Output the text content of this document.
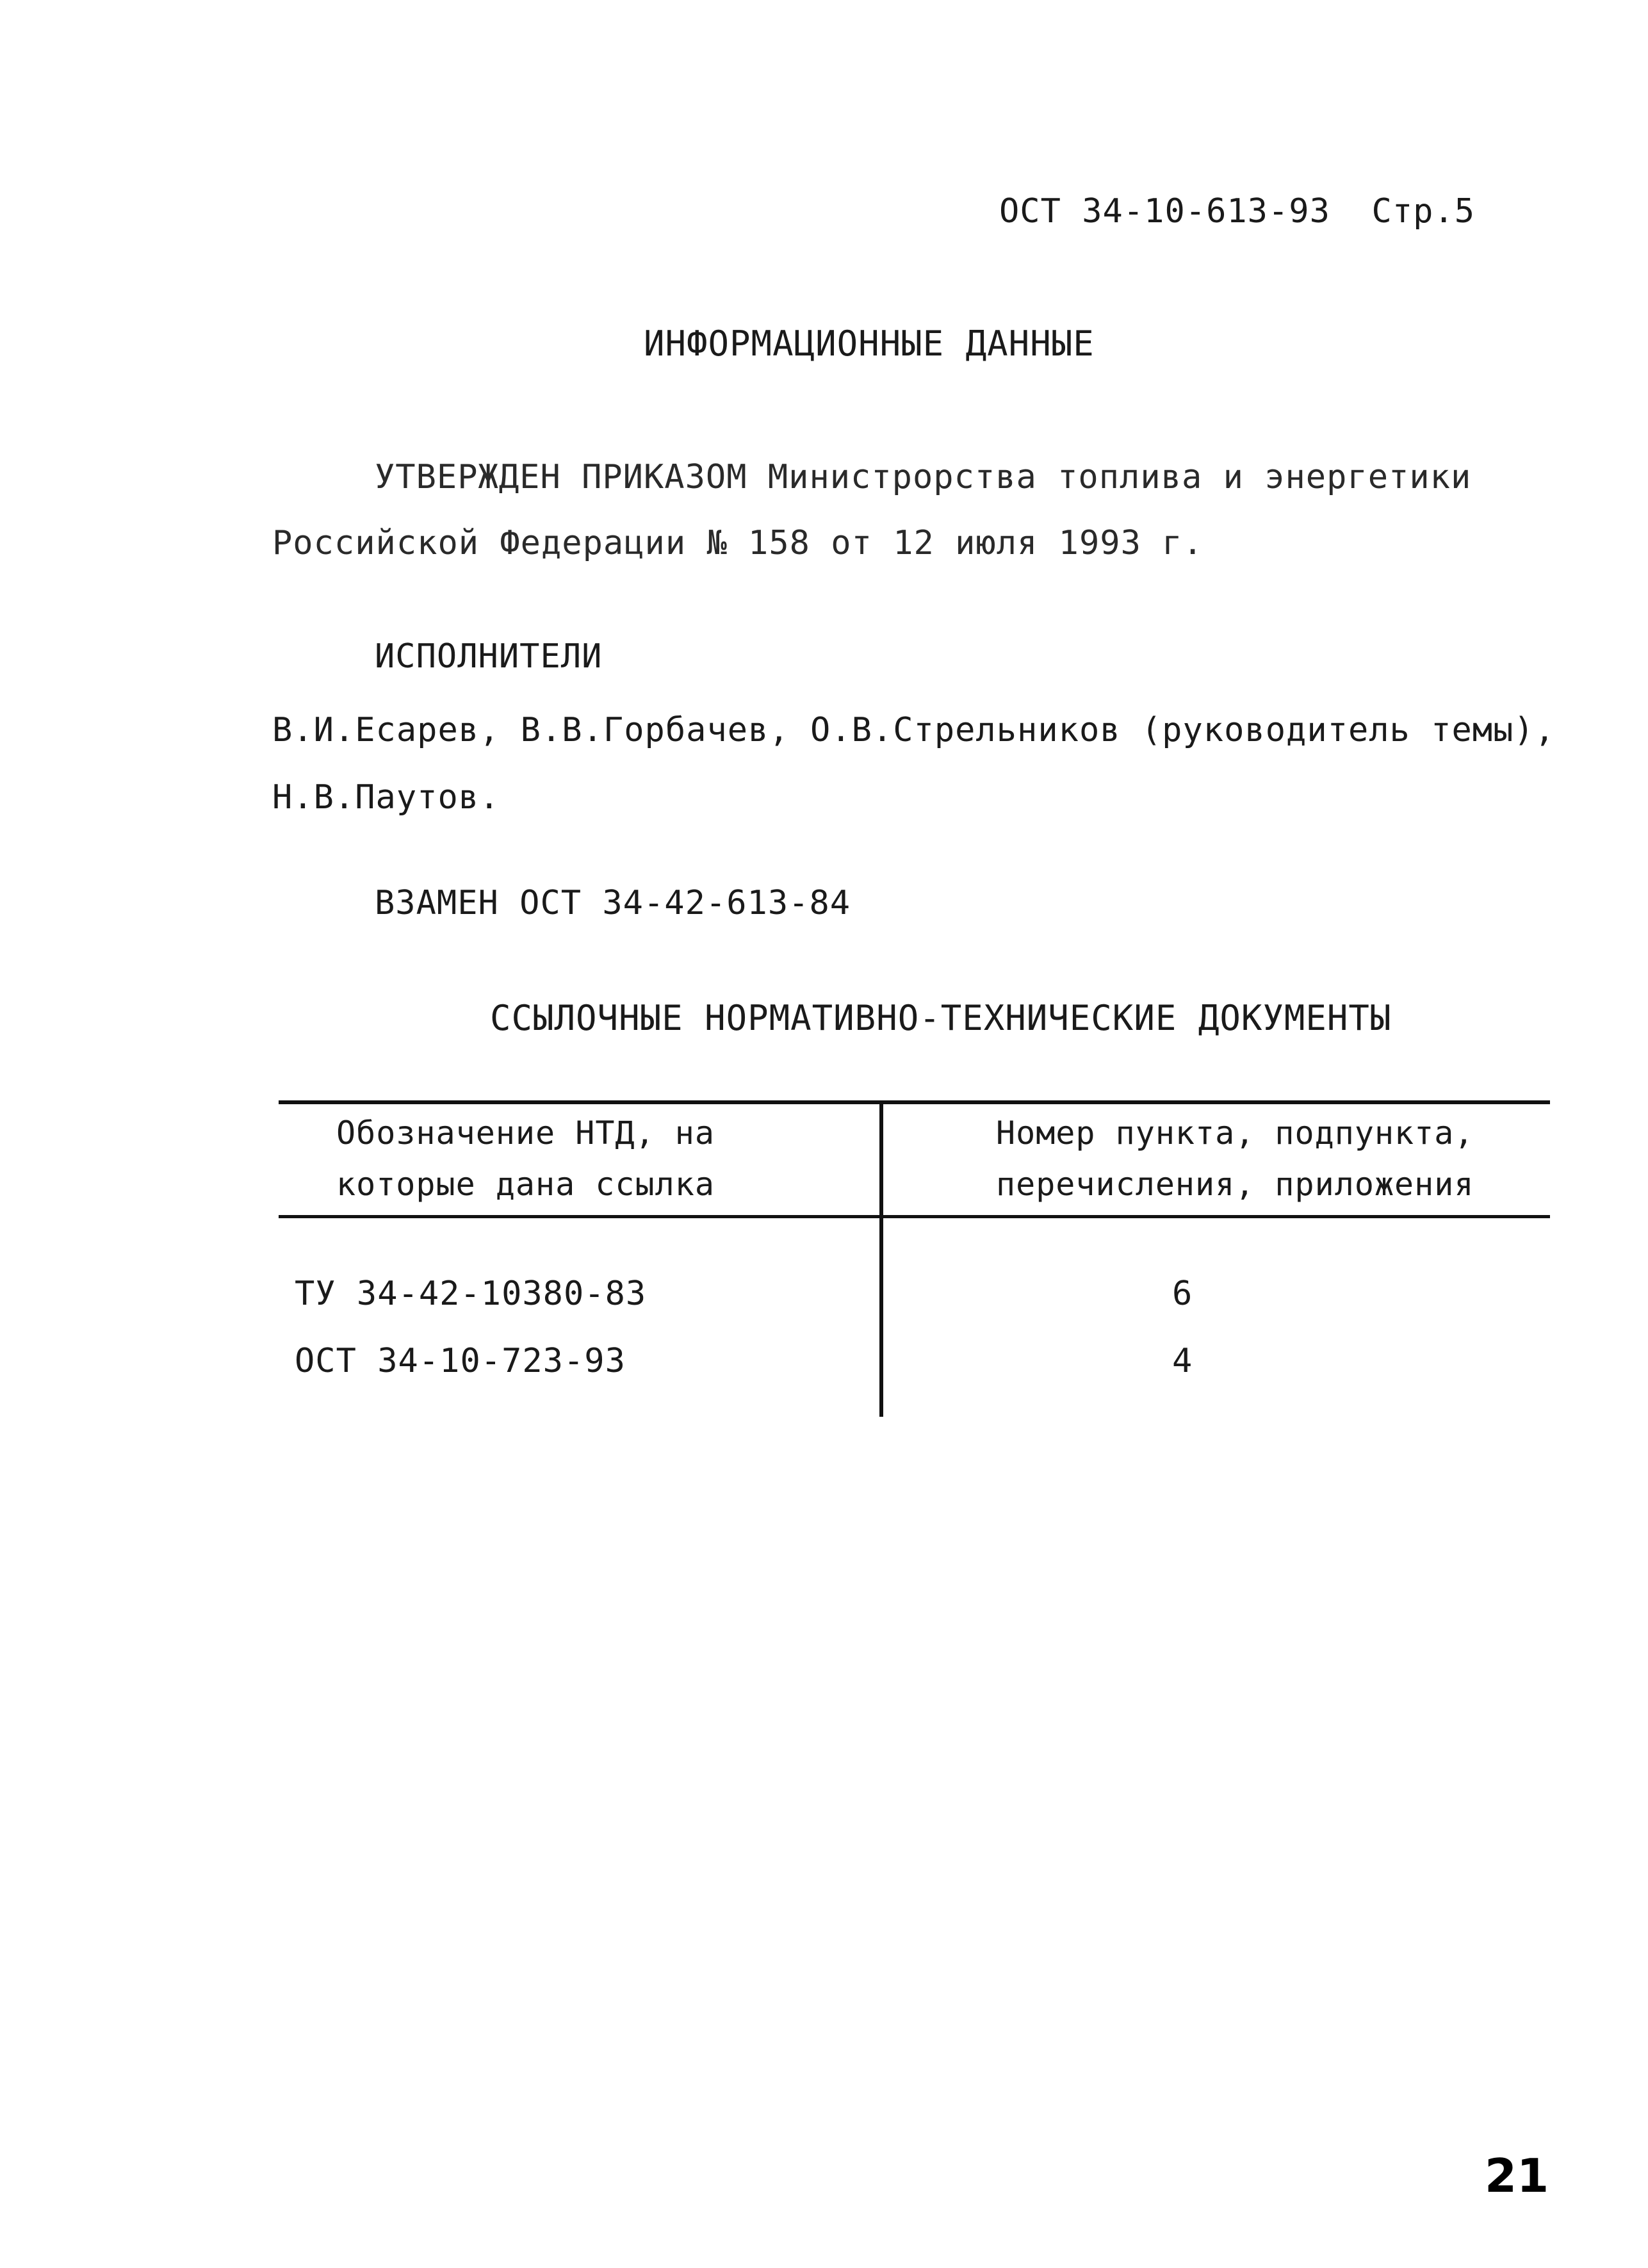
ОСТ 34-10-613-93 Стр.5
ИНФОРМАЦИОННЫЕ ДАННЫЕ
УТВЕРЖДЕН ПРИКАЗОМ Министрорства топлива и энергетики
Российской Федерации № 158 от 12 июля 1993 г.
ИСПОЛНИТЕЛИ
В.И.Есарев, В.В.Горбачев, О.В.Стрельников (руководитель темы),
Н.В.Паутов.
ВЗАМЕН ОСТ 34-42-613-84
ССЫЛОЧНЫЕ НОРМАТИВНО-ТЕХНИЧЕСКИЕ ДОКУМЕНТЫ
Обозначение НТД, на
которые дана ссылка
Номер пункта, подпункта,
перечисления, приложения
ТУ 34-42-10380-83	6
ОСТ 34-10-723-93	4
21
